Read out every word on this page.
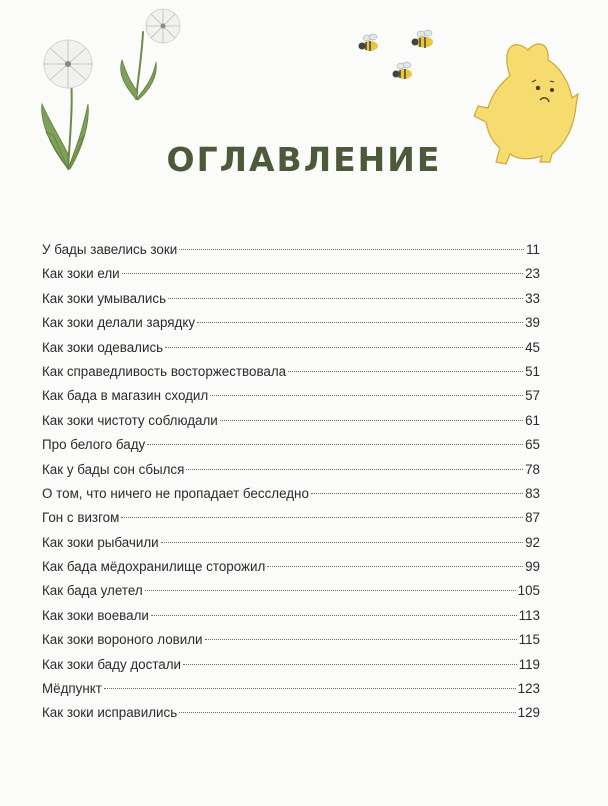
ОГЛАВЛЕНИЕ
У бады завелись зоки	11
Как зоки ели	23
Как зоки умывались	33
Как зоки делали зарядку	39
Как зоки одевались	45
Как справедливость восторжествовала	51
Как бада в магазин сходил	57
Как зоки чистоту соблюдали	61
Про белого баду	65
Как у бады сон сбылся	78
О том, что ничего не пропадает бесследно	83
Гон с визгом	87
Как зоки рыбачили	92
Как бада мёдохранилище сторожил	99
Как бада улетел	105
Как зоки воевали	113
Как зоки вороного ловили	115
Как зоки баду достали	119
Мёдпункт	123
Как зоки исправились	129
